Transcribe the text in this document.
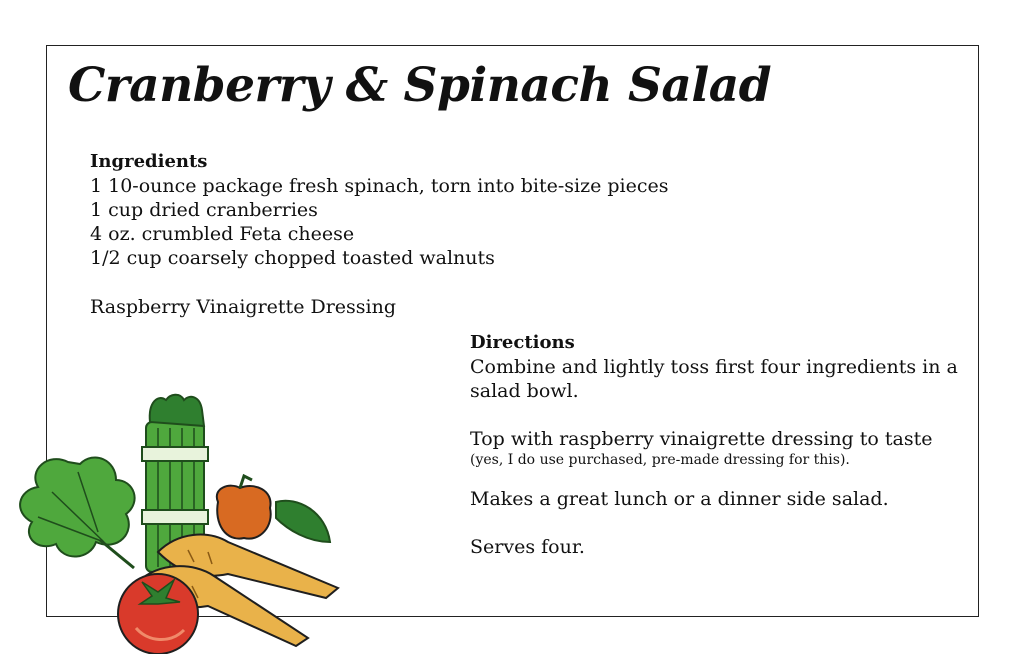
Cranberry & Spinach Salad
Ingredients
1 10-ounce package fresh spinach, torn into bite-size pieces
1 cup dried cranberries
4 oz. crumbled Feta cheese
1/2 cup coarsely chopped toasted walnuts
Raspberry Vinaigrette Dressing
Directions

Combine and lightly toss first four ingredients in a salad bowl.

Top with raspberry vinaigrette dressing to taste

(yes, I do use purchased, pre-made dressing for this).

Makes a great lunch or a dinner side salad.

Serves four.
